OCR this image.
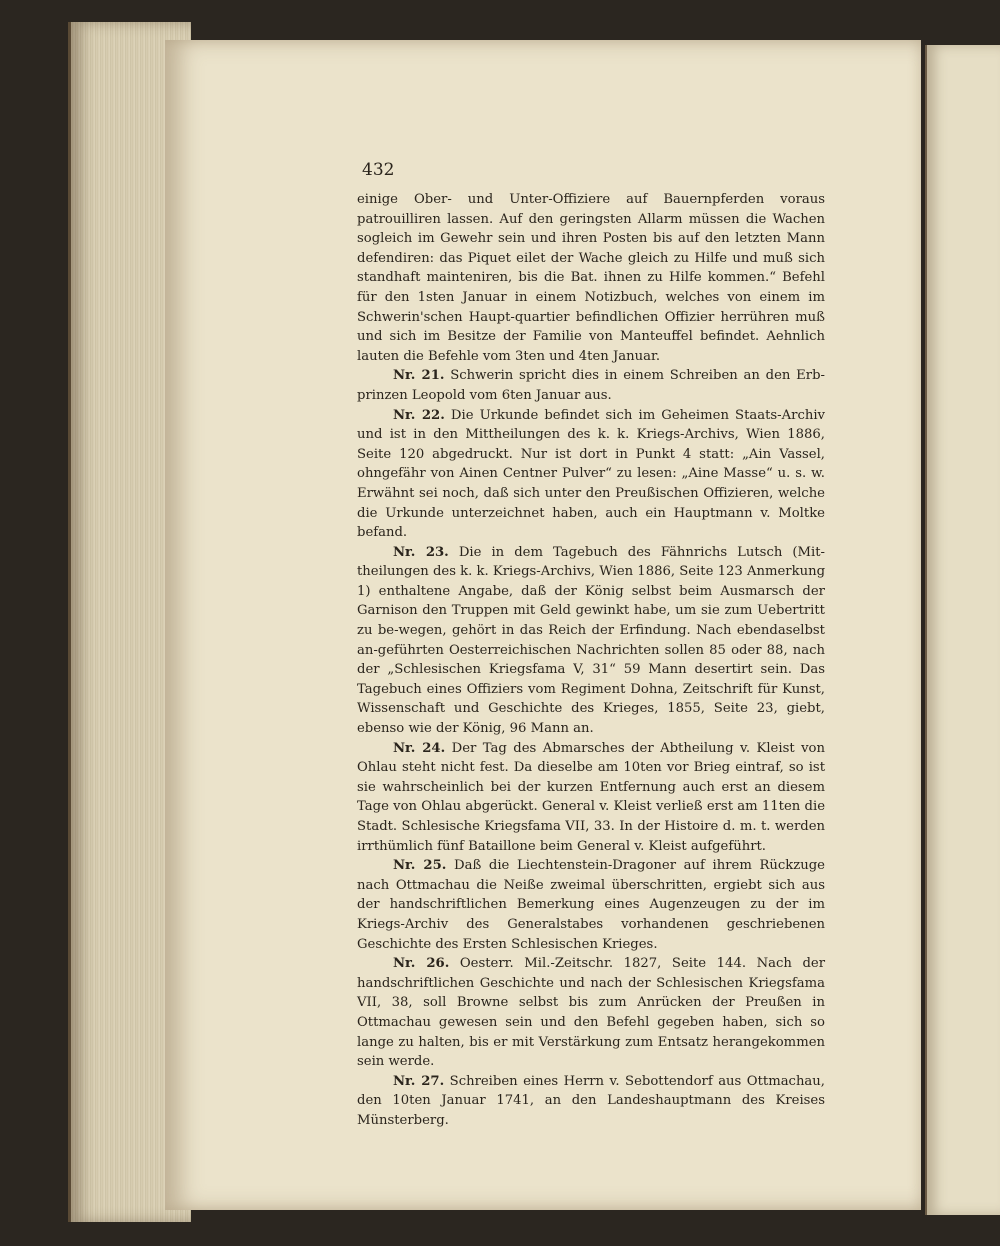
432

einige Ober- und Unter-Offiziere auf Bauernpferden voraus patrouilliren lassen. Auf den geringsten Allarm müssen die Wachen sogleich im Gewehr sein und ihren Posten bis auf den letzten Mann defendiren: das Piquet eilet der Wache gleich zu Hilfe und muß sich standhaft mainteniren, bis die Bat. ihnen zu Hilfe kommen.“ Befehl für den 1sten Januar in einem Notizbuch, welches von einem im Schwerin'schen Haupt-quartier befindlichen Offizier herrühren muß und sich im Besitze der Familie von Manteuffel befindet. Aehnlich lauten die Befehle vom 3ten und 4ten Januar.

Nr. 21. Schwerin spricht dies in einem Schreiben an den Erb-prinzen Leopold vom 6ten Januar aus.

Nr. 22. Die Urkunde befindet sich im Geheimen Staats-Archiv und ist in den Mittheilungen des k. k. Kriegs-Archivs, Wien 1886, Seite 120 abgedruckt. Nur ist dort in Punkt 4 statt: „Ain Vassel, ohngefähr von Ainen Centner Pulver“ zu lesen: „Aine Masse“ u. s. w. Erwähnt sei noch, daß sich unter den Preußischen Offizieren, welche die Urkunde unterzeichnet haben, auch ein Hauptmann v. Moltke befand.

Nr. 23. Die in dem Tagebuch des Fähnrichs Lutsch (Mit-theilungen des k. k. Kriegs-Archivs, Wien 1886, Seite 123 Anmerkung 1) enthaltene Angabe, daß der König selbst beim Ausmarsch der Garnison den Truppen mit Geld gewinkt habe, um sie zum Uebertritt zu be-wegen, gehört in das Reich der Erfindung. Nach ebendaselbst an-geführten Oesterreichischen Nachrichten sollen 85 oder 88, nach der „Schlesischen Kriegsfama V, 31“ 59 Mann desertirt sein. Das Tagebuch eines Offiziers vom Regiment Dohna, Zeitschrift für Kunst, Wissenschaft und Geschichte des Krieges, 1855, Seite 23, giebt, ebenso wie der König, 96 Mann an.

Nr. 24. Der Tag des Abmarsches der Abtheilung v. Kleist von Ohlau steht nicht fest. Da dieselbe am 10ten vor Brieg eintraf, so ist sie wahrscheinlich bei der kurzen Entfernung auch erst an diesem Tage von Ohlau abgerückt. General v. Kleist verließ erst am 11ten die Stadt. Schlesische Kriegsfama VII, 33. In der Histoire d. m. t. werden irrthümlich fünf Bataillone beim General v. Kleist aufgeführt.

Nr. 25. Daß die Liechtenstein-Dragoner auf ihrem Rückzuge nach Ottmachau die Neiße zweimal überschritten, ergiebt sich aus der handschriftlichen Bemerkung eines Augenzeugen zu der im Kriegs-Archiv des Generalstabes vorhandenen geschriebenen Geschichte des Ersten Schlesischen Krieges.

Nr. 26. Oesterr. Mil.-Zeitschr. 1827, Seite 144. Nach der handschriftlichen Geschichte und nach der Schlesischen Kriegsfama VII, 38, soll Browne selbst bis zum Anrücken der Preußen in Ottmachau gewesen sein und den Befehl gegeben haben, sich so lange zu halten, bis er mit Verstärkung zum Entsatz herangekommen sein werde.

Nr. 27. Schreiben eines Herrn v. Sebottendorf aus Ottmachau, den 10ten Januar 1741, an den Landeshauptmann des Kreises Münsterberg.
